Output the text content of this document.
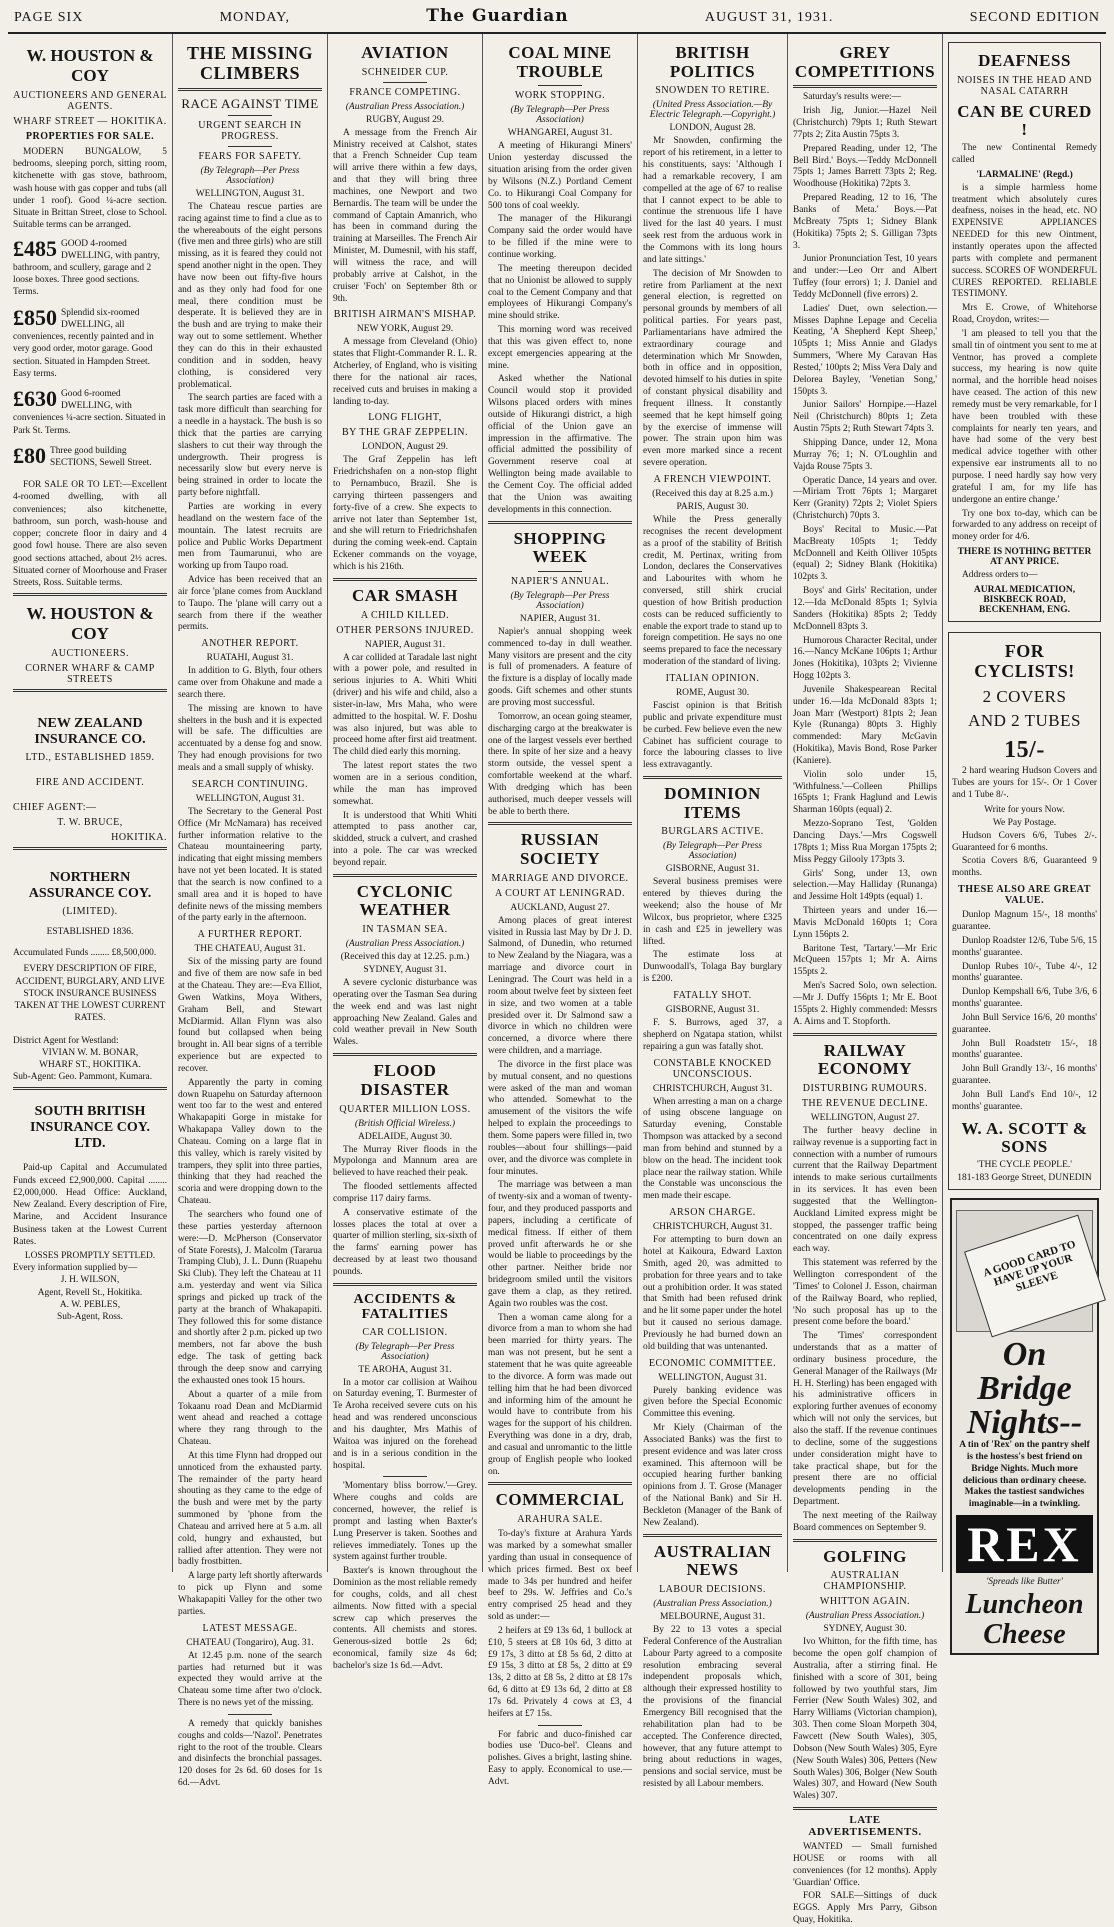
PAGE SIX	MONDAY,	The Guardian	AUGUST 31, 1931.	SECOND EDITION
W. HOUSTON & COY
AUCTIONEERS AND GENERAL AGENTS.
WHARF STREET — HOKITIKA.
PROPERTIES FOR SALE.

MODERN BUNGALOW, 5 bedrooms, sleeping porch, sitting room, kitchenette with gas stove, bathroom, wash house with gas copper and tubs (all under 1 roof). Good ¼-acre section. Situate in Brittan Street, close to School. Suitable terms can be arranged.

£485 GOOD 4-roomed DWELLING, with pantry, bathroom, and scullery, garage and 2 loose boxes. Three good sections. Terms.
£850 Splendid six-roomed DWELLING, all conveniences, recently painted and in very good order, motor garage. Good section. Situated in Hampden Street. Easy terms.
£630 Good 6-roomed DWELLING, with conveniences ¼-acre section. Situated in Park St. Terms.
£80 Three good building SECTIONS, Sewell Street.

FOR SALE OR TO LET:—Excellent 4-roomed dwelling, with all conveniences; also kitchenette, bathroom, sun porch, wash-house and copper; concrete floor in dairy and 4 good fowl house. There are also seven good sections attached, about 2½ acres. Situated corner of Moorhouse and Fraser Streets, Ross. Suitable terms.

W. HOUSTON & COY
AUCTIONEERS.
CORNER WHARF & CAMP STREETS
NEW ZEALAND INSURANCE CO.
LTD., ESTABLISHED 1859.
FIRE AND ACCIDENT.
CHIEF AGENT:—
T. W. BRUCE,
HOKITIKA.
NORTHERN ASSURANCE COY.
(LIMITED).
ESTABLISHED 1836.
Accumulated Funds ........ £8,500,000.
EVERY DESCRIPTION OF FIRE, ACCIDENT, BURGLARY, AND LIVE STOCK INSURANCE BUSINESS TAKEN AT THE LOWEST CURRENT RATES.
District Agent for Westland:
VIVIAN W. M. BONAR,
WHARF ST., HOKITIKA.
Sub-Agent: Geo. Pammont, Kumara.
SOUTH BRITISH INSURANCE COY. LTD.

Paid-up Capital and Accumulated Funds exceed £2,900,000. Capital ........ £2,000,000. Head Office: Auckland, New Zealand. Every description of Fire, Marine, and Accident Insurance Business taken at the Lowest Current Rates.

LOSSES PROMPTLY SETTLED.
Every information supplied by—
J. H. WILSON,
Agent, Revell St., Hokitika.
A. W. PEBLES,
Sub-Agent, Ross.
THE MISSING CLIMBERS
RACE AGAINST TIME
URGENT SEARCH IN PROGRESS.
FEARS FOR SAFETY.
(By Telegraph—Per Press Association)
WELLINGTON, August 31.

The Chateau rescue parties are racing against time to find a clue as to the whereabouts of the eight persons (five men and three girls) who are still missing, as it is feared they could not spend another night in the open. They have now been out fifty-five hours and as they only had food for one meal, there condition must be desperate. It is believed they are in the bush and are trying to make their way out to some settlement. Whether they can do this in their exhausted condition and in sodden, heavy clothing, is considered very problematical.

The search parties are faced with a task more difficult than searching for a needle in a haystack. The bush is so thick that the parties are carrying slashers to cut their way through the undergrowth. Their progress is necessarily slow but every nerve is being strained in order to locate the party before nightfall.

Parties are working in every headland on the western face of the mountain. The latest recruits are police and Public Works Department men from Taumarunui, who are working up from Taupo road.

Advice has been received that an air force 'plane comes from Auckland to Taupo. The 'plane will carry out a search from there if the weather permits.

ANOTHER REPORT.
RUATAHI, August 31.

In addition to G. Blyth, four others came over from Ohakune and made a search there.

The missing are known to have shelters in the bush and it is expected will be safe. The difficulties are accentuated by a dense fog and snow. They had enough provisions for two meals and a small supply of whisky.

SEARCH CONTINUING.
WELLINGTON, August 31.

The Secretary to the General Post Office (Mr McNamara) has received further information relative to the Chateau mountaineering party, indicating that eight missing members have not yet been located. It is stated that the search is now confined to a small area and it is hoped to have definite news of the missing members of the party early in the afternoon.

A FURTHER REPORT.
THE CHATEAU, August 31.

Six of the missing party are found and five of them are now safe in bed at the Chateau. They are:—Eva Elliot, Gwen Watkins, Moya Withers, Graham Bell, and Stewart McDiarmid. Allan Flynn was also found but collapsed when being brought in. All bear signs of a terrible experience but are expected to recover.

Apparently the party in coming down Ruapehu on Saturday afternoon went too far to the west and entered Whakapapiti Gorge in mistake for Whakapapa Valley down to the Chateau. Coming on a large flat in this valley, which is rarely visited by trampers, they split into three parties, thinking that they had reached the scoria and were dropping down to the Chateau.

The searchers who found one of these parties yesterday afternoon were:—D. McPherson (Conservator of State Forests), J. Malcolm (Tararua Tramping Club), J. L. Dunn (Ruapehu Ski Club). They left the Chateau at 11 a.m. yesterday and went via Silica springs and picked up track of the party at the branch of Whakapapiti. They followed this for some distance and shortly after 2 p.m. picked up two members, not far above the bush edge. The task of getting back through the deep snow and carrying the exhausted ones took 15 hours.

About a quarter of a mile from Tokaanu road Dean and McDiarmid went ahead and reached a cottage where they rang through to the Chateau.

At this time Flynn had dropped out unnoticed from the exhausted party. The remainder of the party heard shouting as they came to the edge of the bush and were met by the party summoned by 'phone from the Chateau and arrived here at 5 a.m. all cold, hungry and exhausted, but rallied after attention. They were not badly frostbitten.

A large party left shortly afterwards to pick up Flynn and some Whakapapiti Valley for the other two parties.

LATEST MESSAGE.
CHATEAU (Tongariro), Aug. 31.

At 12.45 p.m. none of the search parties had returned but it was expected they would arrive at the Chateau some time after two o'clock. There is no news yet of the missing.

A remedy that quickly banishes coughs and colds—'Nazol'. Penetrates right to the root of the trouble. Clears and disinfects the bronchial passages. 120 doses for 2s 6d. 60 doses for 1s 6d.—Advt.

AVIATION
SCHNEIDER CUP.
FRANCE COMPETING.
(Australian Press Association.)
RUGBY, August 29.

A message from the French Air Ministry received at Calshot, states that a French Schneider Cup team will arrive there within a few days, and that they will bring three machines, one Newport and two Bernardis. The team will be under the command of Captain Amanrich, who has been in command during the training at Marseilles. The French Air Minister, M. Dumesnil, with his staff, will witness the race, and will probably arrive at Calshot, in the cruiser 'Foch' on September 8th or 9th.

BRITISH AIRMAN'S MISHAP.
NEW YORK, August 29.

A message from Cleveland (Ohio) states that Flight-Commander R. L. R. Atcherley, of England, who is visiting there for the national air races, received cuts and bruises in making a landing to-day.

LONG FLIGHT,
BY THE GRAF ZEPPELIN.
LONDON, August 29.

The Graf Zeppelin has left Friedrichshafen on a non-stop flight to Pernambuco, Brazil. She is carrying thirteen passengers and forty-five of a crew. She expects to arrive not later than September 1st, and she will return to Friedrichshafen during the coming week-end. Captain Eckener commands on the voyage, which is his 216th.

CAR SMASH
A CHILD KILLED.
OTHER PERSONS INJURED.
NAPIER, August 31.

A car collided at Taradale last night with a power pole, and resulted in serious injuries to A. Whiti Whiti (driver) and his wife and child, also a sister-in-law, Mrs Maha, who were admitted to the hospital. W. F. Doshu was also injured, but was able to proceed home after first aid treatment. The child died early this morning.

The latest report states the two women are in a serious condition, while the man has improved somewhat.

It is understood that Whiti Whiti attempted to pass another car, skidded, struck a culvert, and crashed into a pole. The car was wrecked beyond repair.

CYCLONIC WEATHER
IN TASMAN SEA.
(Australian Press Association.)
(Received this day at 12.25. p.m.)
SYDNEY, August 31.

A severe cyclonic disturbance was operating over the Tasman Sea during the week end and was last night approaching New Zealand. Gales and cold weather prevail in New South Wales.

FLOOD DISASTER
QUARTER MILLION LOSS.
(British Official Wireless.)
ADELAIDE, August 30.

The Murray River floods in the Mypolonga and Mannum area are believed to have reached their peak.

The flooded settlements affected comprise 117 dairy farms.

A conservative estimate of the losses places the total at over a quarter of million sterling, six-sixth of the farms' earning power has decreased by at least two thousand pounds.

ACCIDENTS & FATALITIES
CAR COLLISION.
(By Telegraph—Per Press Association)
TE AROHA, August 31.

In a motor car collision at Waihou on Saturday evening, T. Burmester of Te Aroha received severe cuts on his head and was rendered unconscious and his daughter, Mrs Mathis of Waitoa was injured on the forehead and is in a serious condition in the hospital.

'Momentary bliss borrow.'—Grey. Where coughs and colds are concerned, however, the relief is prompt and lasting when Baxter's Lung Preserver is taken. Soothes and relieves immediately. Tones up the system against further trouble.

Baxter's is known throughout the Dominion as the most reliable remedy for coughs, colds, and all chest ailments. Now fitted with a special screw cap which preserves the contents. All chemists and stores. Generous-sized bottle 2s 6d; economical, family size 4s 6d; bachelor's size 1s 6d.—Advt.

COAL MINE TROUBLE
WORK STOPPING.
(By Telegraph—Per Press Association)
WHANGAREI, August 31.

A meeting of Hikurangi Miners' Union yesterday discussed the situation arising from the order given by Wilsons (N.Z.) Portland Cement Co. to Hikurangi Coal Company for 500 tons of coal weekly.

The manager of the Hikurangi Company said the order would have to be filled if the mine were to continue working.

The meeting thereupon decided that no Unionist be allowed to supply coal to the Cement Company and that employees of Hikurangi Company's mine should strike.

This morning word was received that this was given effect to, none except emergencies appearing at the mine.

Asked whether the National Council would stop it provided Wilsons placed orders with mines outside of Hikurangi district, a high official of the Union gave an impression in the affirmative. The official admitted the possibility of Government reserve coal at Wellington being made available to the Cement Coy. The official added that the Union was awaiting developments in this connection.

SHOPPING WEEK
NAPIER'S ANNUAL.
(By Telegraph—Per Press Association)
NAPIER, August 31.

Napier's annual shopping week commenced to-day in dull weather. Many visitors are present and the city is full of promenaders. A feature of the fixture is a display of locally made goods. Gift schemes and other stunts are proving most successful.

Tomorrow, an ocean going steamer, discharging cargo at the breakwater is one of the largest vessels ever berthed there. In spite of her size and a heavy storm outside, the vessel spent a comfortable weekend at the wharf. With dredging which has been authorised, much deeper vessels will be able to berth there.

RUSSIAN SOCIETY
MARRIAGE AND DIVORCE.
A COURT AT LENINGRAD.
AUCKLAND, August 27.

Among places of great interest visited in Russia last May by Dr J. D. Salmond, of Dunedin, who returned to New Zealand by the Niagara, was a marriage and divorce court in Leningrad. The Court was held in a room about twelve feet by sixteen feet in size, and two women at a table presided over it. Dr Salmond saw a divorce in which no children were concerned, a divorce where there were children, and a marriage.

The divorce in the first place was by mutual consent, and no questions were asked of the man and woman who attended. Somewhat to the amusement of the visitors the wife helped to explain the proceedings to them. Some papers were filled in, two roubles—about four shillings—paid over, and the divorce was complete in four minutes.

The marriage was between a man of twenty-six and a woman of twenty-four, and they produced passports and papers, including a certificate of medical fitness. If either of them proved unfit afterwards he or she would be liable to proceedings by the other partner. Neither bride nor bridegroom smiled until the visitors gave them a clap, as they retired. Again two roubles was the cost.

Then a woman came along for a divorce from a man to whom she had been married for thirty years. The man was not present, but he sent a statement that he was quite agreeable to the divorce. A form was made out telling him that he had been divorced and informing him of the amount he would have to contribute from his wages for the support of his children. Everything was done in a dry, drab, and casual and unromantic to the little group of English people who looked on.

COMMERCIAL
ARAHURA SALE.

To-day's fixture at Arahura Yards was marked by a somewhat smaller yarding than usual in consequence of which prices firmed. Best ox beef made to 34s per hundred and heifer beef to 29s. W. Jeffries and Co.'s entry comprised 25 head and they sold as under:—

2 heifers at £9 13s 6d, 1 bullock at £10, 5 steers at £8 10s 6d, 3 ditto at £9 17s, 3 ditto at £8 5s 6d, 2 ditto at £9 15s, 3 ditto at £8 5s, 2 ditto at £9 13s, 2 ditto at £8 5s, 2 ditto at £8 17s 6d, 6 ditto at £9 13s 6d, 2 ditto at £8 17s 6d. Privately 4 cows at £3, 4 heifers at £7 15s.

For fabric and duco-finished car bodies use 'Duco-bel'. Cleans and polishes. Gives a bright, lasting shine. Easy to apply. Economical to use.—Advt.

BRITISH POLITICS
SNOWDEN TO RETIRE.
(United Press Association.—By Electric Telegraph.—Copyright.)
LONDON, August 28.

Mr Snowden, confirming the report of his retirement, in a letter to his constituents, says: 'Although I had a remarkable recovery, I am compelled at the age of 67 to realise that I cannot expect to be able to continue the strenuous life I have lived for the last 40 years. I must seek rest from the arduous work in the Commons with its long hours and late sittings.'

The decision of Mr Snowden to retire from Parliament at the next general election, is regretted on personal grounds by members of all political parties. For years past, Parliamentarians have admired the extraordinary courage and determination which Mr Snowden, both in office and in opposition, devoted himself to his duties in spite of constant physical disability and frequent illness. It constantly seemed that he kept himself going by the exercise of immense will power. The strain upon him was even more marked since a recent severe operation.

A FRENCH VIEWPOINT.
(Received this day at 8.25 a.m.)
PARIS, August 30.

While the Press generally recognises the recent development as a proof of the stability of British credit, M. Pertinax, writing from London, declares the Conservatives and Labourites with whom he conversed, still shirk crucial question of how British production costs can be reduced sufficiently to enable the export trade to stand up to foreign competition. He says no one seems prepared to face the necessary moderation of the standard of living.

ITALIAN OPINION.
ROME, August 30.

Fascist opinion is that British public and private expenditure must be curbed. Few believe even the new Cabinet has sufficient courage to force the labouring classes to live less extravagantly.

DOMINION ITEMS
BURGLARS ACTIVE.
(By Telegraph—Per Press Association)
GISBORNE, August 31.

Several business premises were entered by thieves during the weekend; also the house of Mr Wilcox, bus proprietor, where £325 in cash and £25 in jewellery was lifted.

The estimate loss at Dunwoodall's, Tolaga Bay burglary is £200.

FATALLY SHOT.
GISBORNE, August 31.

F. S. Burrows, aged 37, a shepherd on Ngatapa station, whilst repairing a gun was fatally shot.

CONSTABLE KNOCKED UNCONSCIOUS.
CHRISTCHURCH, August 31.

When arresting a man on a charge of using obscene language on Saturday evening, Constable Thompson was attacked by a second man from behind and stunned by a blow on the head. The incident took place near the railway station. While the Constable was unconscious the men made their escape.

ARSON CHARGE.
CHRISTCHURCH, August 31.

For attempting to burn down an hotel at Kaikoura, Edward Laxton Smith, aged 20, was admitted to probation for three years and to take out a prohibition order. It was stated that Smith had been refused drink and he lit some paper under the hotel but it caused no serious damage. Previously he had burned down an old building that was untenanted.

ECONOMIC COMMITTEE.
WELLINGTON, August 31.

Purely banking evidence was given before the Special Economic Committee this evening.

Mr Kiely (Chairman of the Associated Banks) was the first to present evidence and was later cross examined. This afternoon will be occupied hearing further banking opinions from J. T. Grose (Manager of the National Bank) and Sir H. Beckleton (Manager of the Bank of New Zealand).

AUSTRALIAN NEWS
LABOUR DECISIONS.
(Australian Press Association.)
MELBOURNE, August 31.

By 22 to 13 votes a special Federal Conference of the Australian Labour Party agreed to a composite resolution embracing several independent proposals which, although their expressed hostility to the provisions of the financial Emergency Bill recognised that the rehabilitation plan had to be accepted. The Conference directed, however, that any future attempt to bring about reductions in wages, pensions and social service, must be resisted by all Labour members.

GREY COMPETITIONS

Saturday's results were:—

Irish Jig, Junior.—Hazel Neil (Christchurch) 79pts 1; Ruth Stewart 77pts 2; Zita Austin 75pts 3.

Prepared Reading, under 12, 'The Bell Bird.' Boys.—Teddy McDonnell 75pts 1; James Barrett 73pts 2; Reg. Woodhouse (Hokitika) 72pts 3.

Prepared Reading, 12 to 16, 'The Banks of Meta.' Boys.—Pat McBreaty 75pts 1; Sidney Blank (Hokitika) 75pts 2; S. Gilligan 73pts 3.

Junior Pronunciation Test, 10 years and under:—Leo Orr and Albert Tuffey (four errors) 1; J. Daniel and Teddy McDonnell (five errors) 2.

Ladies' Duet, own selection.—Misses Daphne Lepage and Cecelia Keating, 'A Shepherd Kept Sheep,' 105pts 1; Miss Annie and Gladys Summers, 'Where My Caravan Has Rested,' 100pts 2; Miss Vera Daly and Delorea Bayley, 'Venetian Song,' 150pts 3.

Junior Sailors' Hornpipe.—Hazel Neil (Christchurch) 80pts 1; Zeta Austin 75pts 2; Ruth Stewart 74pts 3.

Shipping Dance, under 12, Mona Murray 76; 1; N. O'Loughlin and Vajda Rouse 75pts 3.

Operatic Dance, 14 years and over.—Miriam Trott 76pts 1; Margaret Kerr (Granity) 72pts 2; Violet Spiers (Christchurch) 70pts 3.

Boys' Recital to Music.—Pat MacBreaty 105pts 1; Teddy McDonnell and Keith Olliver 105pts (equal) 2; Sidney Blank (Hokitika) 102pts 3.

Boys' and Girls' Recitation, under 12.—Ida McDonald 85pts 1; Sylvia Sanders (Hokitika) 85pts 2; Teddy McDonnell 83pts 3.

Humorous Character Recital, under 16.—Nancy McKane 106pts 1; Arthur Jones (Hokitika), 103pts 2; Vivienne Hogg 102pts 3.

Juvenile Shakespearean Recital under 16.—Ida McDonald 83pts 1; Joan Marr (Westport) 81pts 2; Jean Kyle (Runanga) 80pts 3. Highly commended: Mary McGavin (Hokitika), Mavis Bond, Rose Parker (Kaniere).

Violin solo under 15, 'Withfulness.'—Colleen Phillips 165pts 1; Frank Haglund and Lewis Sharman 160pts (equal) 2.

Mezzo-Soprano Test, 'Golden Dancing Days.'—Mrs Cogswell 178pts 1; Miss Rua Morgan 175pts 2; Miss Peggy Gilooly 173pts 3.

Girls' Song, under 13, own selection.—May Halliday (Runanga) and Jessime Holt 149pts (equal) 1.

Thirteen years and under 16.—Mavis McDonald 160pts 1; Cora Lynn 156pts 2.

Baritone Test, 'Tartary.'—Mr Eric McQueen 157pts 1; Mr A. Airns 155pts 2.

Men's Sacred Solo, own selection.—Mr J. Duffy 156pts 1; Mr E. Boot 155pts 2. Highly commended: Messrs A. Airns and T. Stopforth.

RAILWAY ECONOMY
DISTURBING RUMOURS.
THE REVENUE DECLINE.
WELLINGTON, August 27.

The further heavy decline in railway revenue is a supporting fact in connection with a number of rumours current that the Railway Department intends to make serious curtailments in its services. It has even been suggested that the Wellington-Auckland Limited express might be stopped, the passenger traffic being concentrated on one daily express each way.

This statement was referred by the Wellington correspondent of the 'Times' to Colonel J. Esson, chairman of the Railway Board, who replied, 'No such proposal has up to the present come before the board.'

The 'Times' correspondent understands that as a matter of ordinary business procedure, the General Manager of the Railways (Mr H. H. Sterling) has been engaged with his administrative officers in exploring further avenues of economy which will not only the services, but also the staff. If the revenue continues to decline, some of the suggestions under consideration might have to take practical shape, but for the present there are no official developments pending in the Department.

The next meeting of the Railway Board commences on September 9.

GOLFING
AUSTRALIAN CHAMPIONSHIP.
WHITTON AGAIN.
(Australian Press Association.)
SYDNEY, August 30.

Ivo Whitton, for the fifth time, has become the open golf champion of Australia, after a stirring final. He finished with a score of 301, being followed by two youthful stars, Jim Ferrier (New South Wales) 302, and Harry Williams (Victorian champion), 303. Then come Sloan Morpeth 304, Fawcett (New South Wales), 305, Dobson (New South Wales) 305, Eyre (New South Wales) 306, Petters (New South Wales) 306, Bolger (New South Wales) 307, and Howard (New South Wales) 307.

LATE ADVERTISEMENTS.

WANTED — Small furnished HOUSE or rooms with all conveniences (for 12 months). Apply 'Guardian' Office.

FOR SALE—Sittings of duck EGGS. Apply Mrs Parry, Gibson Quay, Hokitika.

DEAFNESS
NOISES IN THE HEAD AND NASAL CATARRH
CAN BE CURED !

The new Continental Remedy called

'LARMALINE' (Regd.)

is a simple harmless home treatment which absolutely cures deafness, noises in the head, etc. NO EXPENSIVE APPLIANCES NEEDED for this new Ointment, instantly operates upon the affected parts with complete and permanent success. SCORES OF WONDERFUL CURES REPORTED. RELIABLE TESTIMONY.

Mrs E. Crowe, of Whitehorse Road, Croydon, writes:—

'I am pleased to tell you that the small tin of ointment you sent to me at Ventnor, has proved a complete success, my hearing is now quite normal, and the horrible head noises have ceased. The action of this new remedy must be very remarkable, for I have been troubled with these complaints for nearly ten years, and have had some of the very best medical advice together with other expensive ear instruments all to no purpose. I need hardly say how very grateful I am, for my life has undergone an entire change.'

Try one box to-day, which can be forwarded to any address on receipt of money order for 4/6.

THERE IS NOTHING BETTER AT ANY PRICE.

Address orders to—

AURAL MEDICATION, BISKBECK ROAD, BECKENHAM, ENG.
FOR CYCLISTS!
2 COVERS
AND 2 TUBES
15/-

2 hard wearing Hudson Covers and Tubes are yours for 15/-. Or 1 Cover and 1 Tube 8/-.

Write for yours Now.
We Pay Postage.

Hudson Covers 6/6, Tubes 2/-. Guaranteed for 6 months.

Scotia Covers 8/6, Guaranteed 9 months.

THESE ALSO ARE GREAT VALUE.

Dunlop Magnum 15/-, 18 months' guarantee.

Dunlop Roadster 12/6, Tube 5/6, 15 months' guarantee.

Dunlop Rubes 10/-, Tube 4/-, 12 months' guarantee.

Dunlop Kempshall 6/6, Tube 3/6, 6 months' guarantee.

John Bull Service 16/6, 20 months' guarantee.

John Bull Roadstetr 15/-, 18 months' guarantee.

John Bull Grandly 13/-, 16 months' guarantee.

John Bull Land's End 10/-, 12 months' guarantee.

W. A. SCOTT & SONS
'THE CYCLE PEOPLE.'
181-183 George Street, DUNEDIN
A GOOD CARD TO HAVE UP YOUR SLEEVE
On Bridge Nights--

A tin of 'Rex' on the pantry shelf is the hostess's best friend on Bridge Nights. Much more delicious than ordinary cheese. Makes the tastiest sandwiches imaginable—in a twinkling.

REX
'Spreads like Butter'
Luncheon Cheese
